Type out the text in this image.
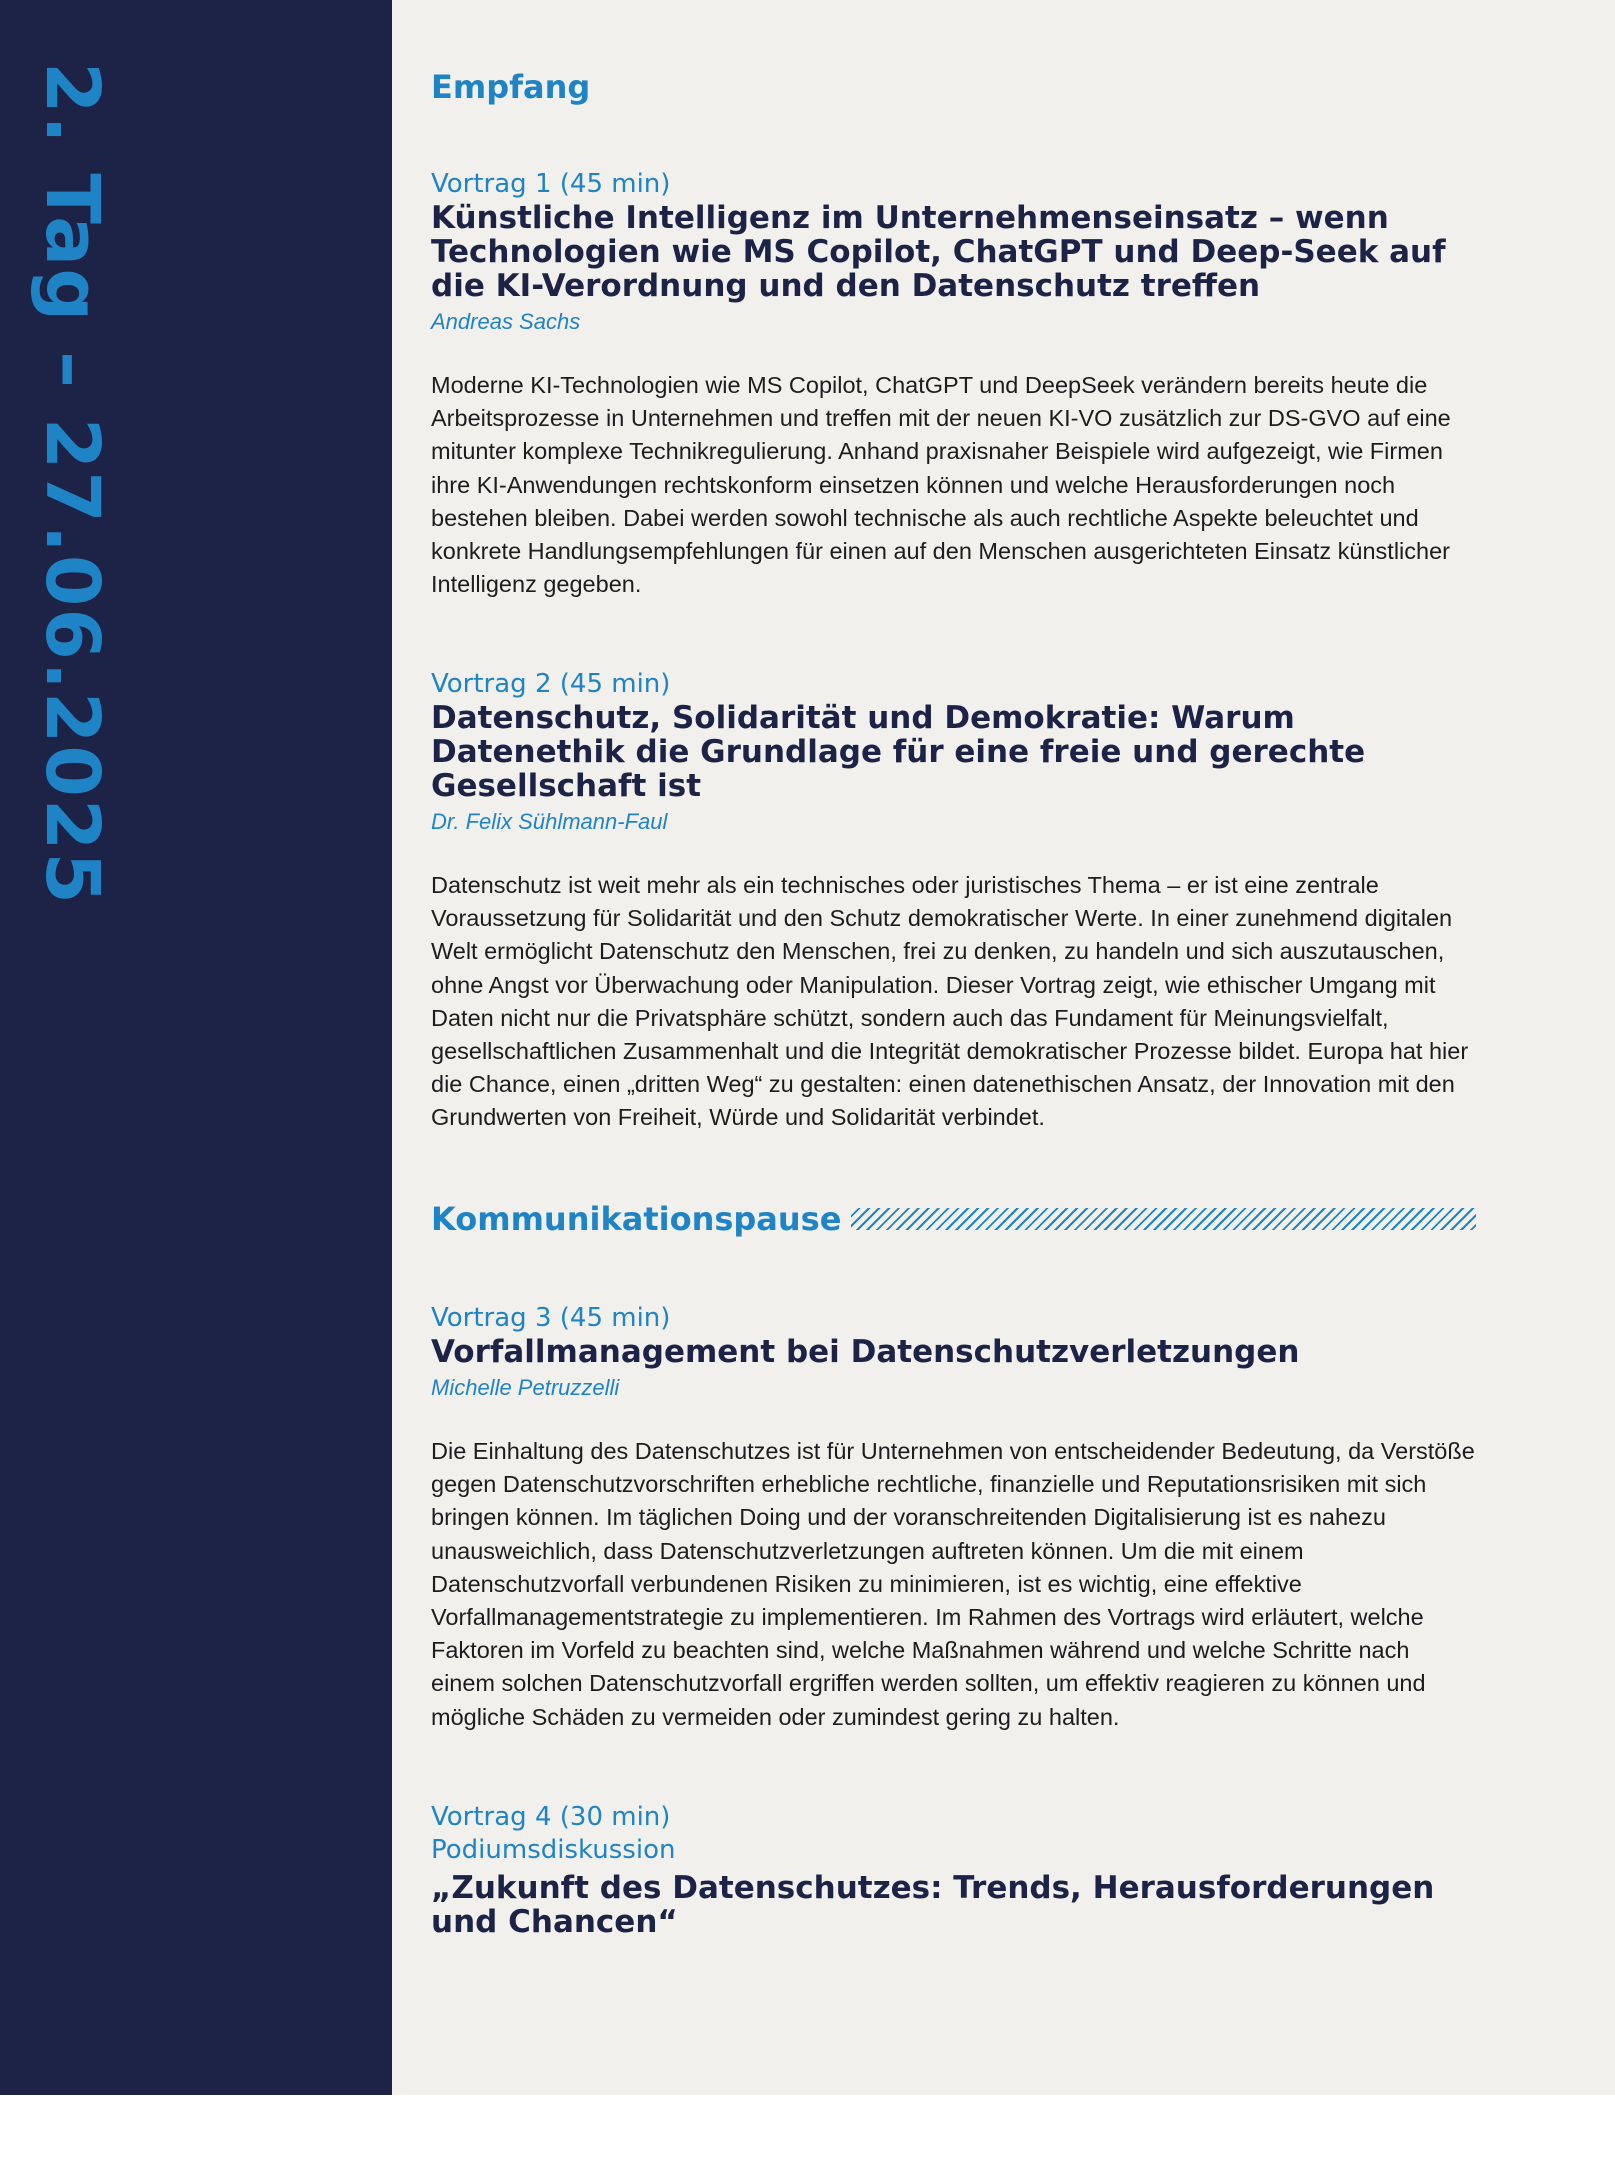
2. Tag – 27.06.2025	Empfang
Vortrag 1 (45 min)
Künstliche Intelligenz im Unternehmenseinsatz – wenn Technologien wie MS Copilot, ChatGPT und Deep-Seek auf die KI-Verordnung und den Datenschutz treffen
Andreas Sachs
Moderne KI-Technologien wie MS Copilot, ChatGPT und DeepSeek verändern bereits heute die Arbeitsprozesse in Unternehmen und treffen mit der neuen KI-VO zusätzlich zur DS-GVO auf eine mitunter komplexe Technikregulierung. Anhand praxisnaher Beispiele wird aufgezeigt, wie Firmen ihre KI-Anwendungen rechtskonform einsetzen können und welche Herausforderungen noch bestehen bleiben. Dabei werden sowohl technische als auch rechtliche Aspekte beleuchtet und konkrete Handlungsempfehlungen für einen auf den Menschen ausgerichteten Einsatz künstlicher Intelligenz gegeben.
Vortrag 2 (45 min)
Datenschutz, Solidarität und Demokratie: Warum Datenethik die Grundlage für eine freie und gerechte Gesellschaft ist
Dr. Felix Sühlmann-Faul
Datenschutz ist weit mehr als ein technisches oder juristisches Thema – er ist eine zentrale Voraussetzung für Solidarität und den Schutz demokratischer Werte. In einer zunehmend digitalen Welt ermöglicht Datenschutz den Menschen, frei zu denken, zu handeln und sich auszutauschen, ohne Angst vor Überwachung oder Manipulation. Dieser Vortrag zeigt, wie ethischer Umgang mit Daten nicht nur die Privatsphäre schützt, sondern auch das Fundament für Meinungsvielfalt, gesellschaftlichen Zusammenhalt und die Integrität demokratischer Prozesse bildet. Europa hat hier die Chance, einen „dritten Weg“ zu gestalten: einen datenethischen Ansatz, der Innovation mit den Grundwerten von Freiheit, Würde und Solidarität verbindet.
Kommunikationspause
Vortrag 3 (45 min)
Vorfallmanagement bei Datenschutzverletzungen
Michelle Petruzzelli
Die Einhaltung des Datenschutzes ist für Unternehmen von entscheidender Bedeutung, da Verstöße gegen Datenschutzvorschriften erhebliche rechtliche, finanzielle und Reputationsrisiken mit sich bringen können. Im täglichen Doing und der voranschreitenden Digitalisierung ist es nahezu unausweichlich, dass Datenschutzverletzungen auftreten können. Um die mit einem Datenschutzvorfall verbundenen Risiken zu minimieren, ist es wichtig, eine effektive Vorfallmanagementstrategie zu implementieren. Im Rahmen des Vortrags wird erläutert, welche Faktoren im Vorfeld zu beachten sind, welche Maßnahmen während und welche Schritte nach einem solchen Datenschutzvorfall ergriffen werden sollten, um effektiv reagieren zu können und mögliche Schäden zu vermeiden oder zumindest gering zu halten.
Vortrag 4 (30 min)
Podiumsdiskussion
„Zukunft des Datenschutzes: Trends, Herausforderungen und Chancen“
